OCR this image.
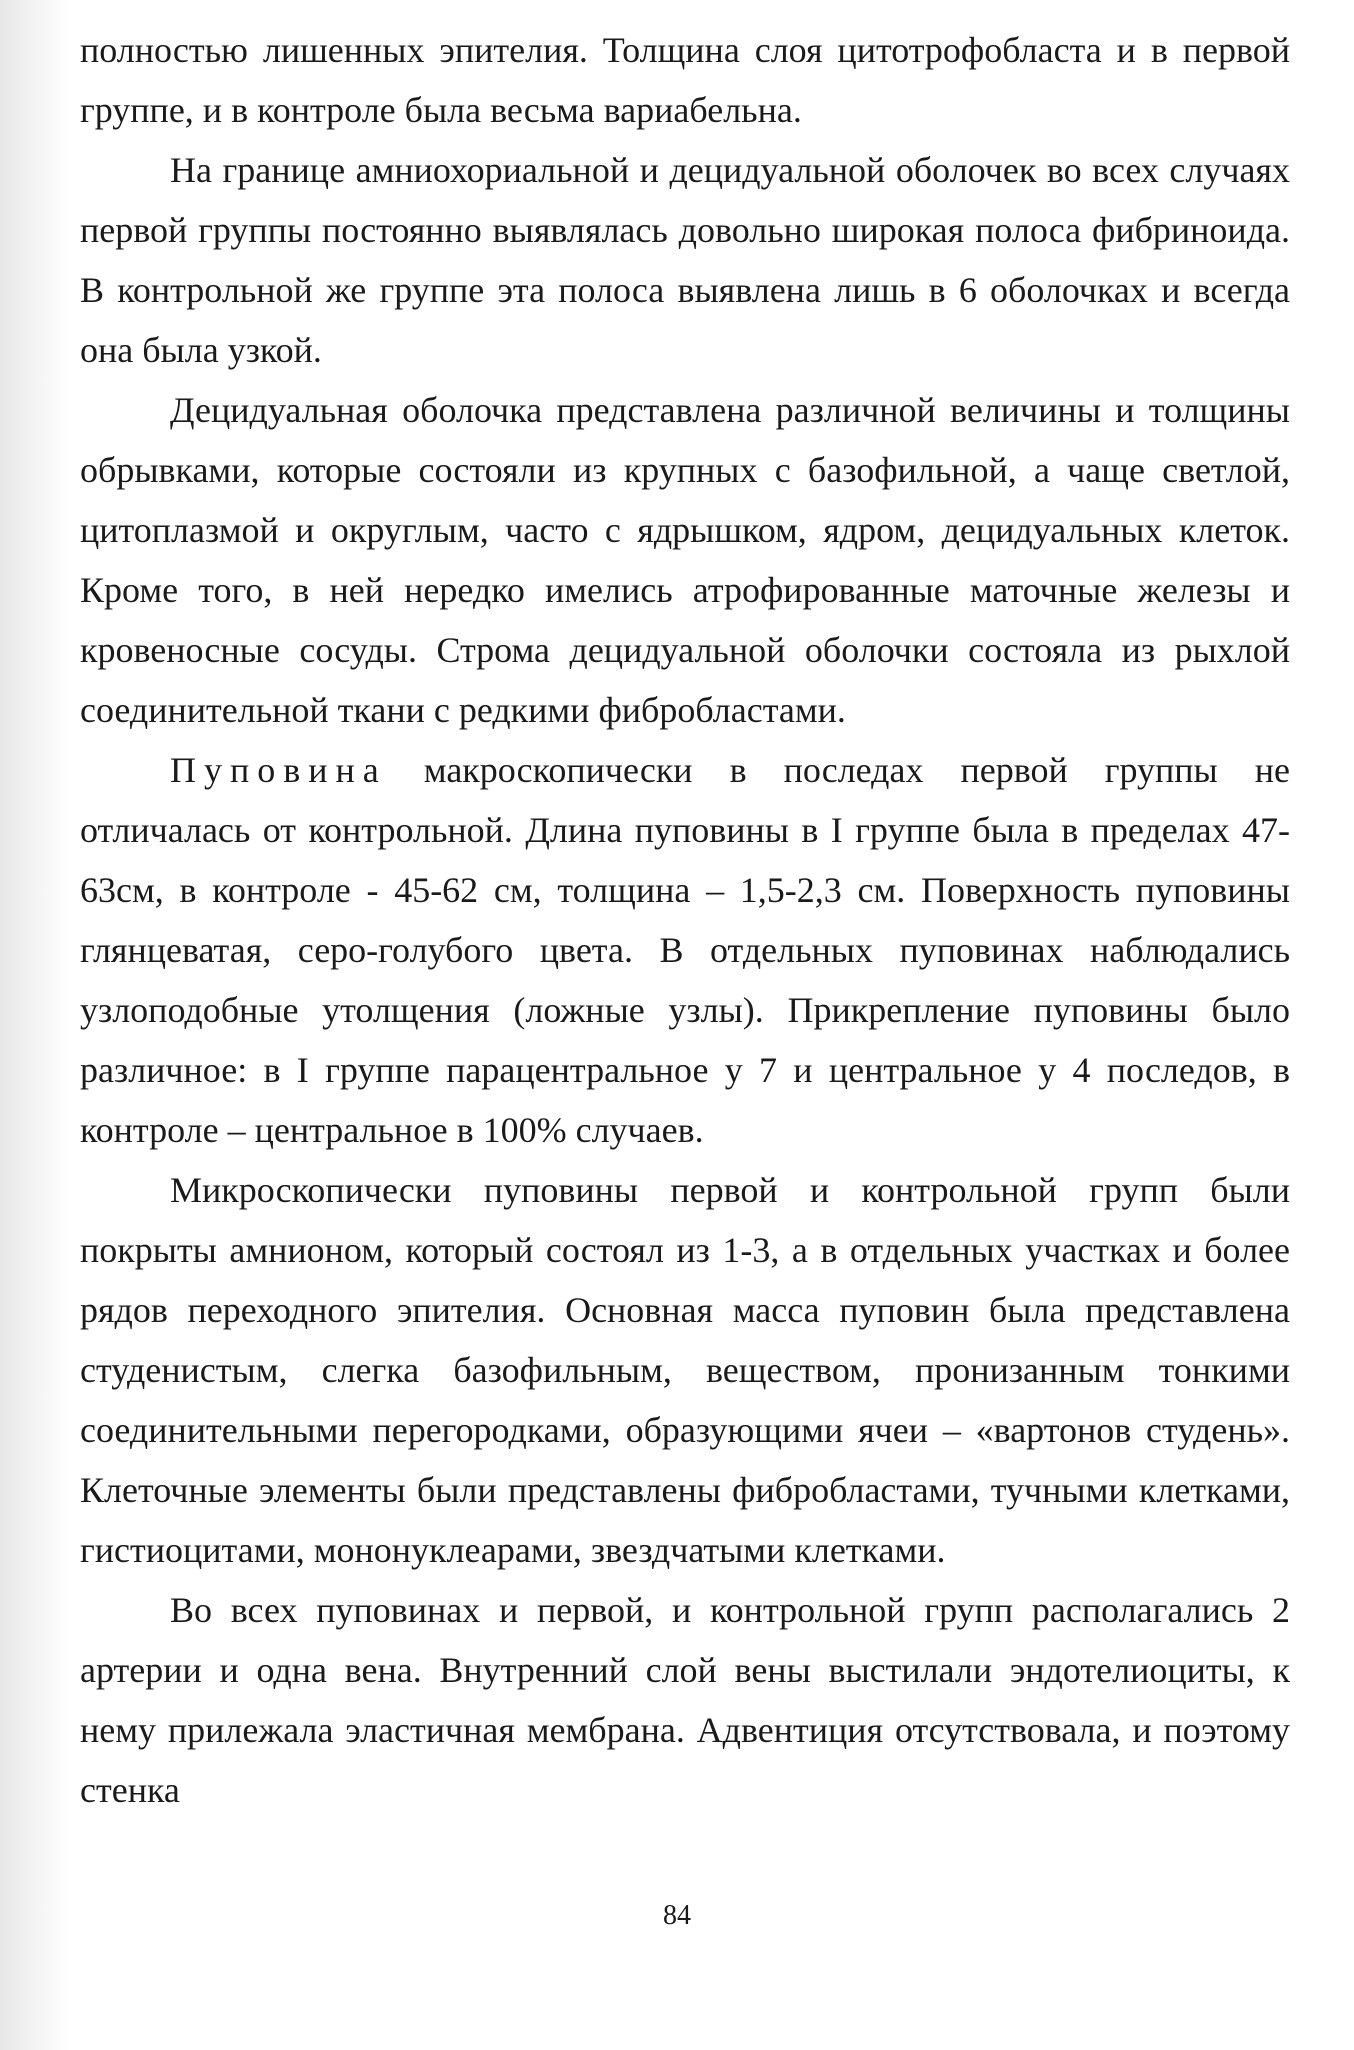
полностью лишенных эпителия. Толщина слоя цитотрофобласта и в первой группе, и в контроле была весьма вариабельна.

На границе амниохориальной и децидуальной оболочек во всех случаях первой группы постоянно выявлялась довольно широкая полоса фибриноида. В контрольной же группе эта полоса выявлена лишь в 6 оболочках и всегда она была узкой.

Децидуальная оболочка представлена различной величины и толщины обрывками, которые состояли из крупных с базофильной, а чаще светлой, цитоплазмой и округлым, часто с ядрышком, ядром, децидуальных клеток. Кроме того, в ней нередко имелись атрофированные маточные железы и кровеносные сосуды. Строма децидуальной оболочки состояла из рыхлой соединительной ткани с редкими фибробластами.

Пуповина макроскопически в последах первой группы не отличалась от контрольной. Длина пуповины в I группе была в пределах 47-63см, в контроле - 45-62 см, толщина – 1,5-2,3 см. Поверхность пуповины глянцеватая, серо-голубого цвета. В отдельных пуповинах наблюдались узлоподобные утолщения (ложные узлы). Прикрепление пуповины было различное: в I группе парацентральное у 7 и центральное у 4 последов, в контроле – центральное в 100% случаев.

Микроскопически пуповины первой и контрольной групп были покрыты амнионом, который состоял из 1-3, а в отдельных участках и более рядов переходного эпителия. Основная масса пуповин была представлена студенистым, слегка базофильным, веществом, пронизанным тонкими соединительными перегородками, образующими ячеи – «вартонов студень». Клеточные элементы были представлены фибробластами, тучными клетками, гистиоцитами, мононуклеарами, звездчатыми клетками.

Во всех пуповинах и первой, и контрольной групп располагались 2 артерии и одна вена. Внутренний слой вены выстилали эндотелиоциты, к нему прилежала эластичная мембрана. Адвентиция отсутствовала, и поэтому стенка

84
